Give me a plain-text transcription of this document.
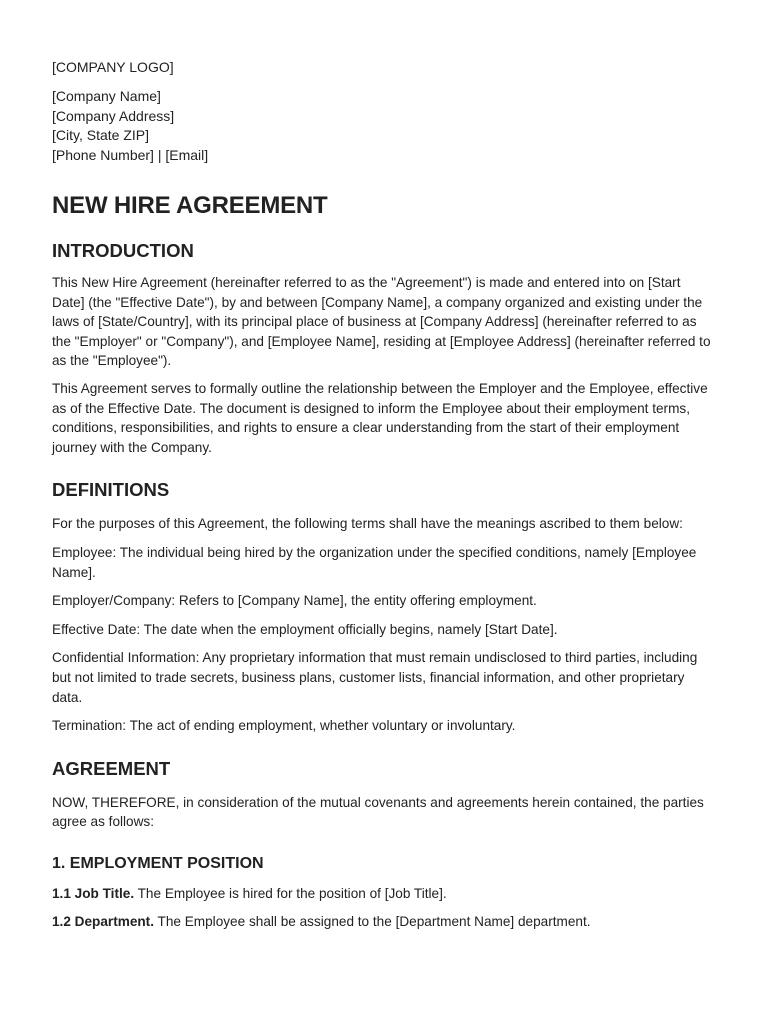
[COMPANY LOGO]

[Company Name]

[Company Address]

[City, State ZIP]

[Phone Number] | [Email]

NEW HIRE AGREEMENT
INTRODUCTION

This New Hire Agreement (hereinafter referred to as the "Agreement") is made and entered into on [Start Date] (the "Effective Date"), by and between [Company Name], a company organized and existing under the laws of [State/Country], with its principal place of business at [Company Address] (hereinafter referred to as the "Employer" or "Company"), and [Employee Name], residing at [Employee Address] (hereinafter referred to as the "Employee").

This Agreement serves to formally outline the relationship between the Employer and the Employee, effective as of the Effective Date. The document is designed to inform the Employee about their employment terms, conditions, responsibilities, and rights to ensure a clear understanding from the start of their employment journey with the Company.

DEFINITIONS

For the purposes of this Agreement, the following terms shall have the meanings ascribed to them below:

Employee: The individual being hired by the organization under the specified conditions, namely [Employee Name].

Employer/Company: Refers to [Company Name], the entity offering employment.

Effective Date: The date when the employment officially begins, namely [Start Date].

Confidential Information: Any proprietary information that must remain undisclosed to third parties, including but not limited to trade secrets, business plans, customer lists, financial information, and other proprietary data.

Termination: The act of ending employment, whether voluntary or involuntary.

AGREEMENT

NOW, THEREFORE, in consideration of the mutual covenants and agreements herein contained, the parties agree as follows:

1. EMPLOYMENT POSITION

1.1 Job Title. The Employee is hired for the position of [Job Title].

1.2 Department. The Employee shall be assigned to the [Department Name] department.
